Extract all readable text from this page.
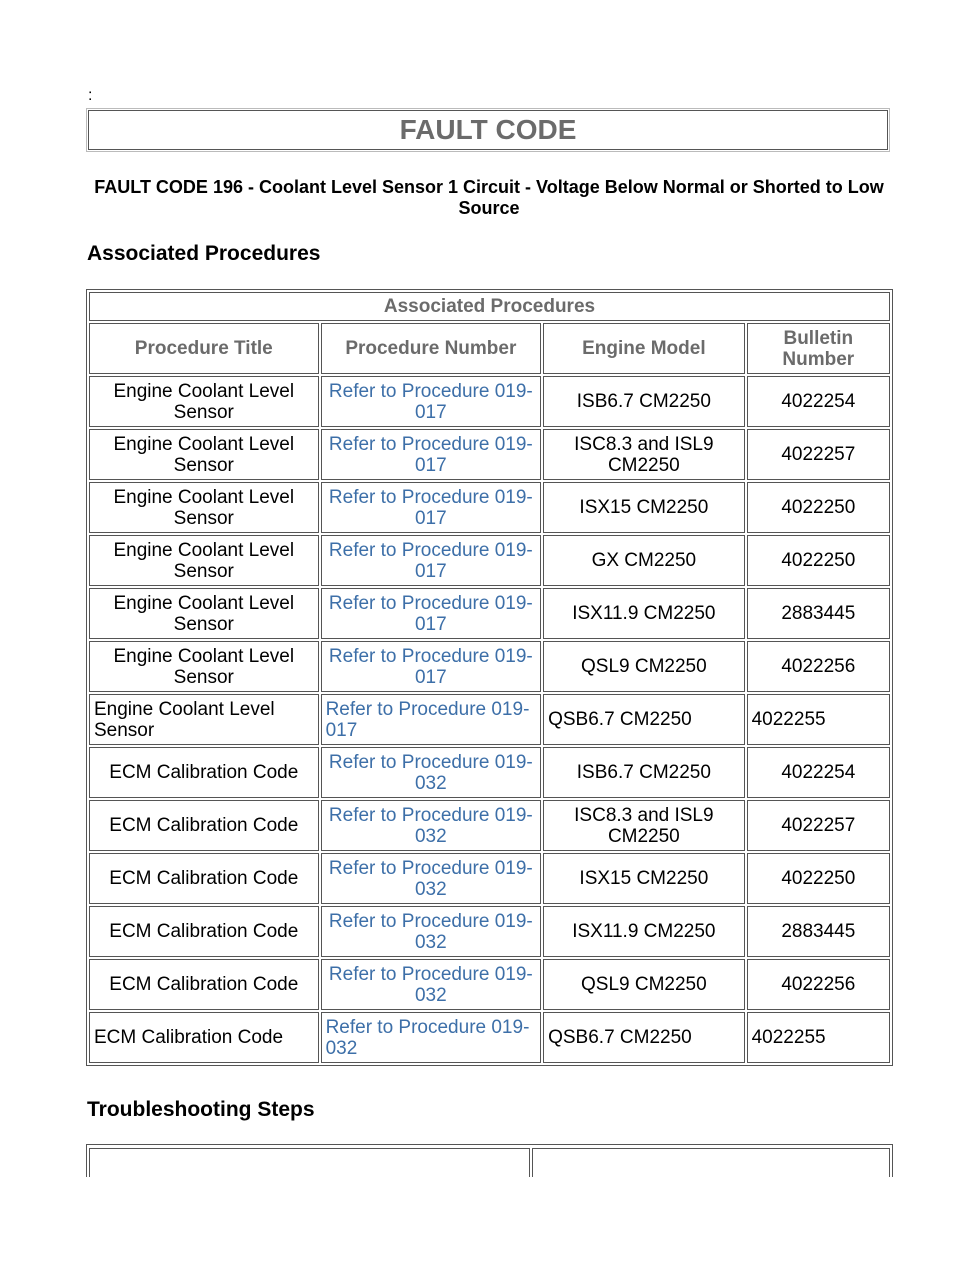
:
FAULT CODE
FAULT CODE 196 - Coolant Level Sensor 1 Circuit - Voltage Below Normal or Shorted to Low Source
Associated Procedures
Associated Procedures			
Procedure Title	Procedure Number	Engine Model	Bulletin Number
Engine Coolant Level Sensor	Refer to Procedure 019-017	ISB6.7 CM2250	4022254
Engine Coolant Level Sensor	Refer to Procedure 019-017	ISC8.3 and ISL9 CM2250	4022257
Engine Coolant Level Sensor	Refer to Procedure 019-017	ISX15 CM2250	4022250
Engine Coolant Level Sensor	Refer to Procedure 019-017	GX CM2250	4022250
Engine Coolant Level Sensor	Refer to Procedure 019-017	ISX11.9 CM2250	2883445
Engine Coolant Level Sensor	Refer to Procedure 019-017	QSL9 CM2250	4022256
Engine Coolant Level Sensor	Refer to Procedure 019-017	QSB6.7 CM2250	4022255
ECM Calibration Code	Refer to Procedure 019-032	ISB6.7 CM2250	4022254
ECM Calibration Code	Refer to Procedure 019-032	ISC8.3 and ISL9 CM2250	4022257
ECM Calibration Code	Refer to Procedure 019-032	ISX15 CM2250	4022250
ECM Calibration Code	Refer to Procedure 019-032	ISX11.9 CM2250	2883445
ECM Calibration Code	Refer to Procedure 019-032	QSL9 CM2250	4022256
ECM Calibration Code	Refer to Procedure 019-032	QSB6.7 CM2250	4022255
Troubleshooting Steps
